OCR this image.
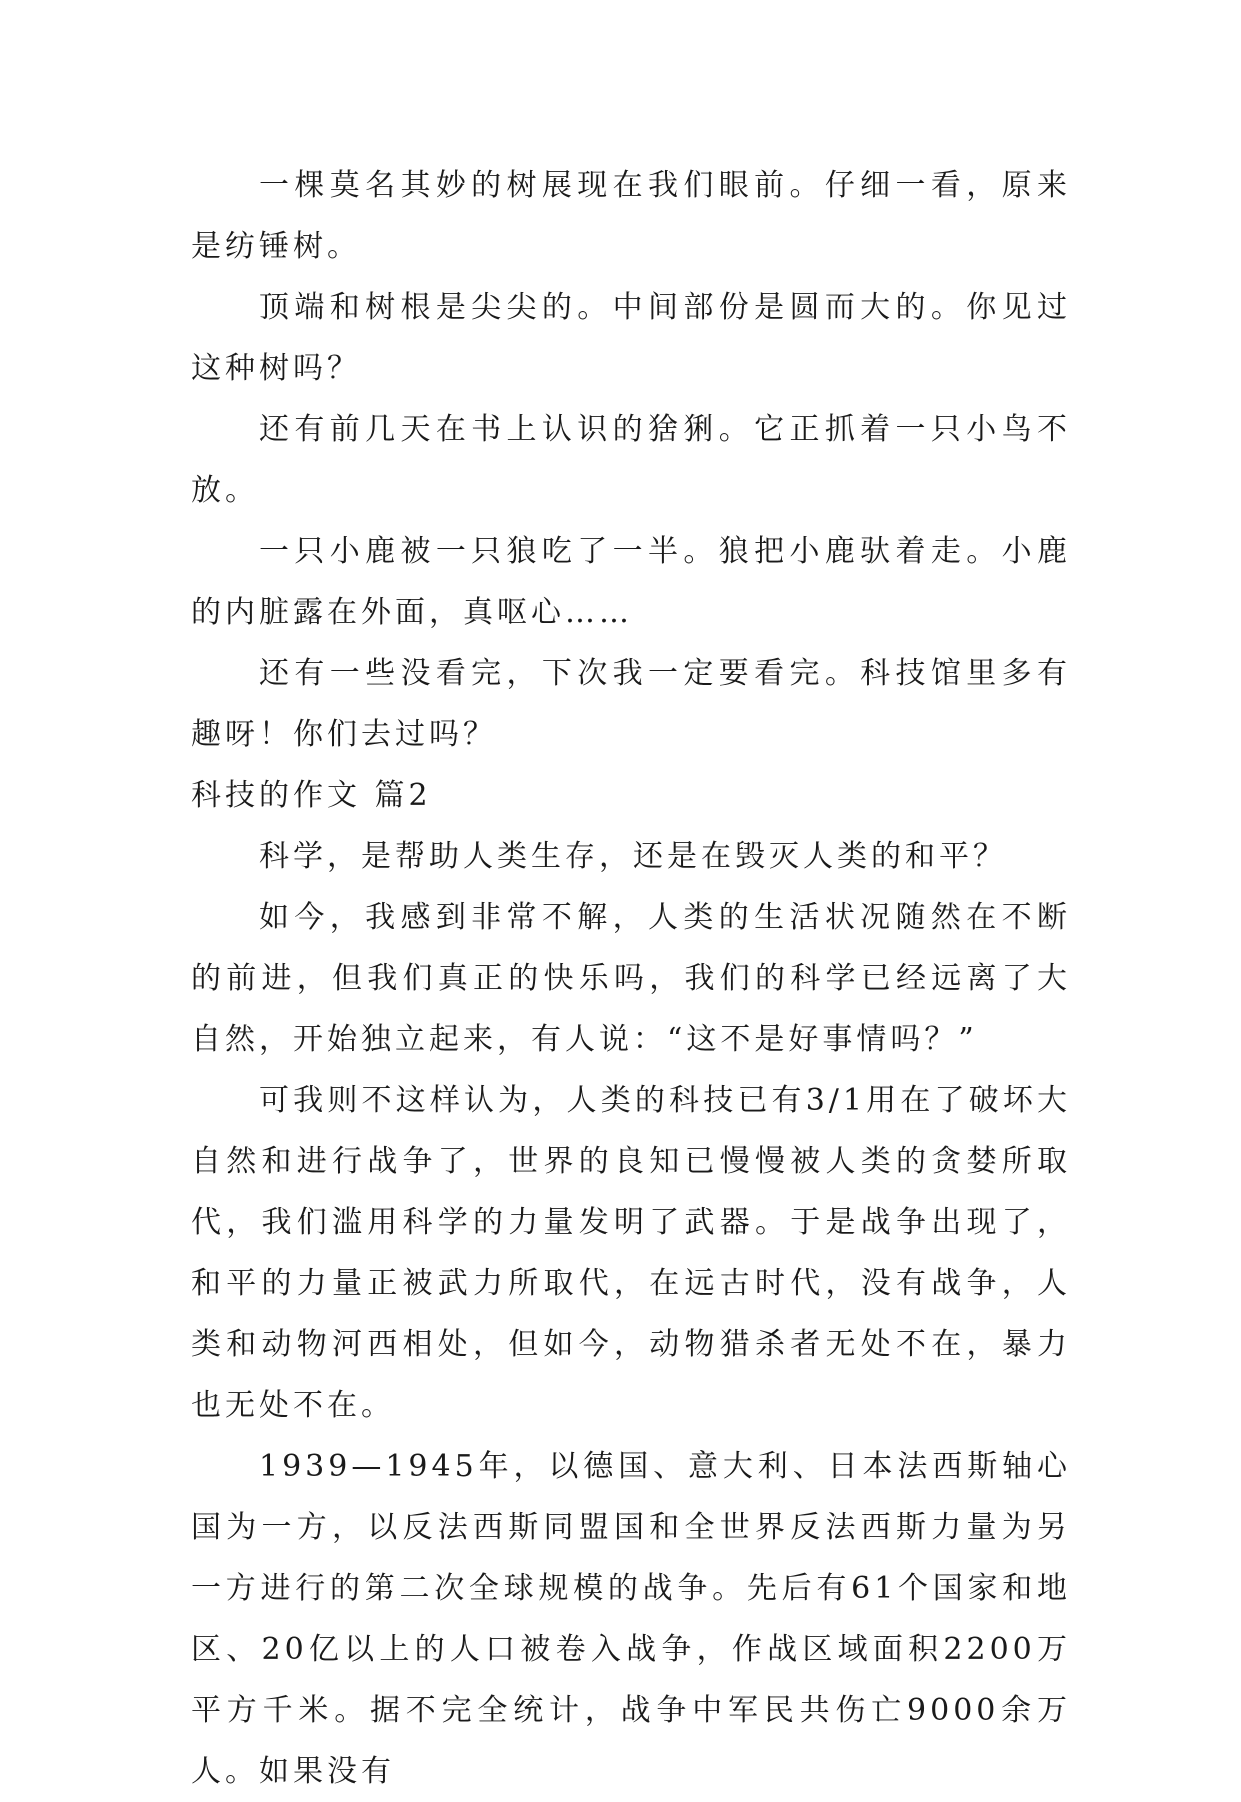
一棵莫名其妙的树展现在我们眼前。仔细一看，原来是纺锤树。

顶端和树根是尖尖的。中间部份是圆而大的。你见过这种树吗？

还有前几天在书上认识的猞猁。它正抓着一只小鸟不放。

一只小鹿被一只狼吃了一半。狼把小鹿驮着走。小鹿的内脏露在外面，真呕心……

还有一些没看完，下次我一定要看完。科技馆里多有趣呀！你们去过吗？

科技的作文 篇2

科学，是帮助人类生存，还是在毁灭人类的和平？

如今，我感到非常不解，人类的生活状况随然在不断的前进，但我们真正的快乐吗，我们的科学已经远离了大自然，开始独立起来，有人说：“这不是好事情吗？”

可我则不这样认为，人类的科技已有3/1用在了破坏大自然和进行战争了，世界的良知已慢慢被人类的贪婪所取代，我们滥用科学的力量发明了武器。于是战争出现了，和平的力量正被武力所取代，在远古时代，没有战争，人类和动物河西相处，但如今，动物猎杀者无处不在，暴力也无处不在。

1939—1945年，以德国、意大利、日本法西斯轴心国为一方，以反法西斯同盟国和全世界反法西斯力量为另一方进行的第二次全球规模的战争。先后有61个国家和地区、20亿以上的人口被卷入战争，作战区域面积2200万平方千米。据不完全统计，战争中军民共伤亡9000余万人。如果没有
